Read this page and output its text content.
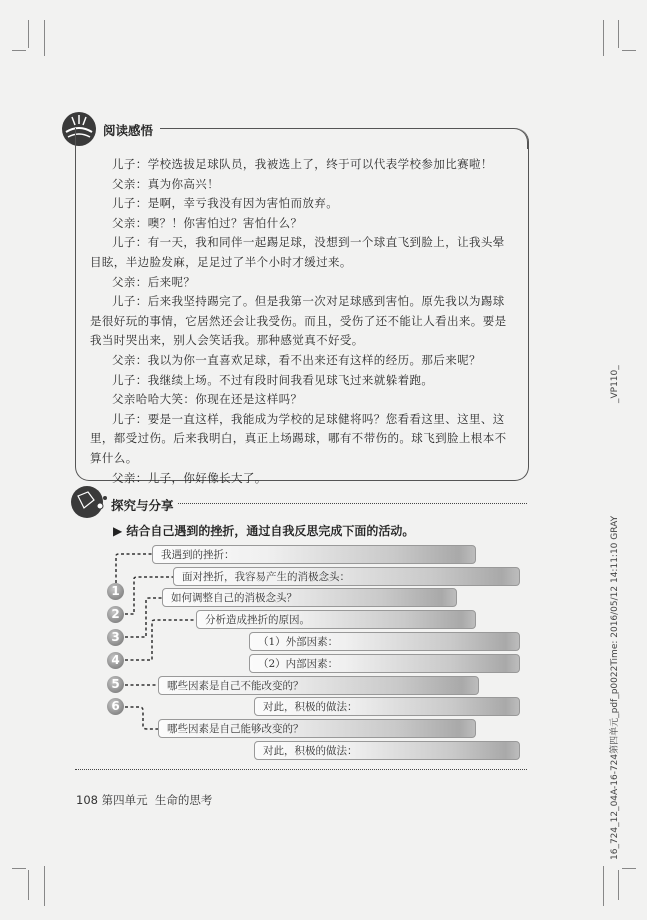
阅读感悟
儿子：学校选拔足球队员，我被选上了，终于可以代表学校参加比赛啦！
父亲：真为你高兴！
儿子：是啊，幸亏我没有因为害怕而放弃。
父亲：噢？！你害怕过？害怕什么？
儿子：有一天，我和同伴一起踢足球，没想到一个球直飞到脸上，让我头晕
目眩，半边脸发麻，足足过了半个小时才缓过来。
父亲：后来呢？
儿子：后来我坚持踢完了。但是我第一次对足球感到害怕。原先我以为踢球
是很好玩的事情，它居然还会让我受伤。而且，受伤了还不能让人看出来。要是
我当时哭出来，别人会笑话我。那种感觉真不好受。
父亲：我以为你一直喜欢足球，看不出来还有这样的经历。那后来呢？
儿子：我继续上场。不过有段时间我看见球飞过来就躲着跑。
父亲哈哈大笑：你现在还是这样吗？
儿子：要是一直这样，我能成为学校的足球健将吗？您看看这里、这里、这
里，都受过伤。后来我明白，真正上场踢球，哪有不带伤的。球飞到脸上根本不
算什么。
父亲：儿子，你好像长大了。
探究与分享
▶ 结合自己遇到的挫折，通过自我反思完成下面的活动。
我遇到的挫折：
面对挫折，我容易产生的消极念头：
如何调整自己的消极念头？
分析造成挫折的原因。
（1）外部因素：
（2）内部因素：
哪些因素是自己不能改变的？
对此，积极的做法：
哪些因素是自己能够改变的？
对此，积极的做法：
1
2
3
4
5
6
108 第四单元 生命的思考	16_724_12_04A-16-724第四单元_pdf_p0022Time: 2016/05/12 14:11:10 GRAY _VP110_
